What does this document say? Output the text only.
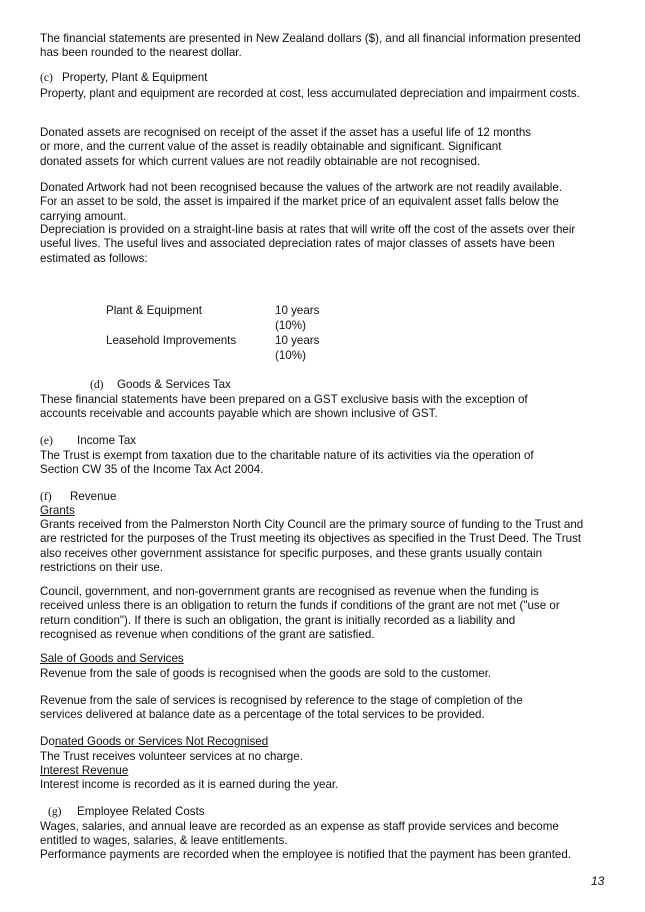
The financial statements are presented in New Zealand dollars ($), and all financial information presented has been rounded to the nearest dollar.

(c) Property, Plant & Equipment

Property, plant and equipment are recorded at cost, less accumulated depreciation and impairment costs.

Donated assets are recognised on receipt of the asset if the asset has a useful life of 12 months
or more, and the current value of the asset is readily obtainable and significant. Significant
donated assets for which current values are not readily obtainable are not recognised.
Donated Artwork had not been recognised because the values of the artwork are not readily available.
For an asset to be sold, the asset is impaired if the market price of an equivalent asset falls below the
carrying amount.

Depreciation is provided on a straight-line basis at rates that will write off the cost of the assets over their useful lives. The useful lives and associated depreciation rates of major classes of assets have been estimated as follows:

Plant & Equipment	10 years
(10%)
Leasehold Improvements	10 years
(10%)

(d) Goods & Services Tax

These financial statements have been prepared on a GST exclusive basis with the exception of accounts receivable and accounts payable which are shown inclusive of GST.

(e) Income Tax

The Trust is exempt from taxation due to the charitable nature of its activities via the operation of Section CW 35 of the Income Tax Act 2004.

(f) Revenue

Grants

Grants received from the Palmerston North City Council are the primary source of funding to the Trust and are restricted for the purposes of the Trust meeting its objectives as specified in the Trust Deed. The Trust also receives other government assistance for specific purposes, and these grants usually contain restrictions on their use.

Council, government, and non-government grants are recognised as revenue when the funding is received unless there is an obligation to return the funds if conditions of the grant are not met ("use or return condition"). If there is such an obligation, the grant is initially recorded as a liability and recognised as revenue when conditions of the grant are satisfied.

Sale of Goods and Services

Revenue from the sale of goods is recognised when the goods are sold to the customer.

Revenue from the sale of services is recognised by reference to the stage of completion of the services delivered at balance date as a percentage of the total services to be provided.

Donated Goods or Services Not Recognised

The Trust receives volunteer services at no charge.

Interest Revenue

Interest income is recorded as it is earned during the year.

(g) Employee Related Costs

Wages, salaries, and annual leave are recorded as an expense as staff provide services and become entitled to wages, salaries, & leave entitlements.

Performance payments are recorded when the employee is notified that the payment has been granted.

13
